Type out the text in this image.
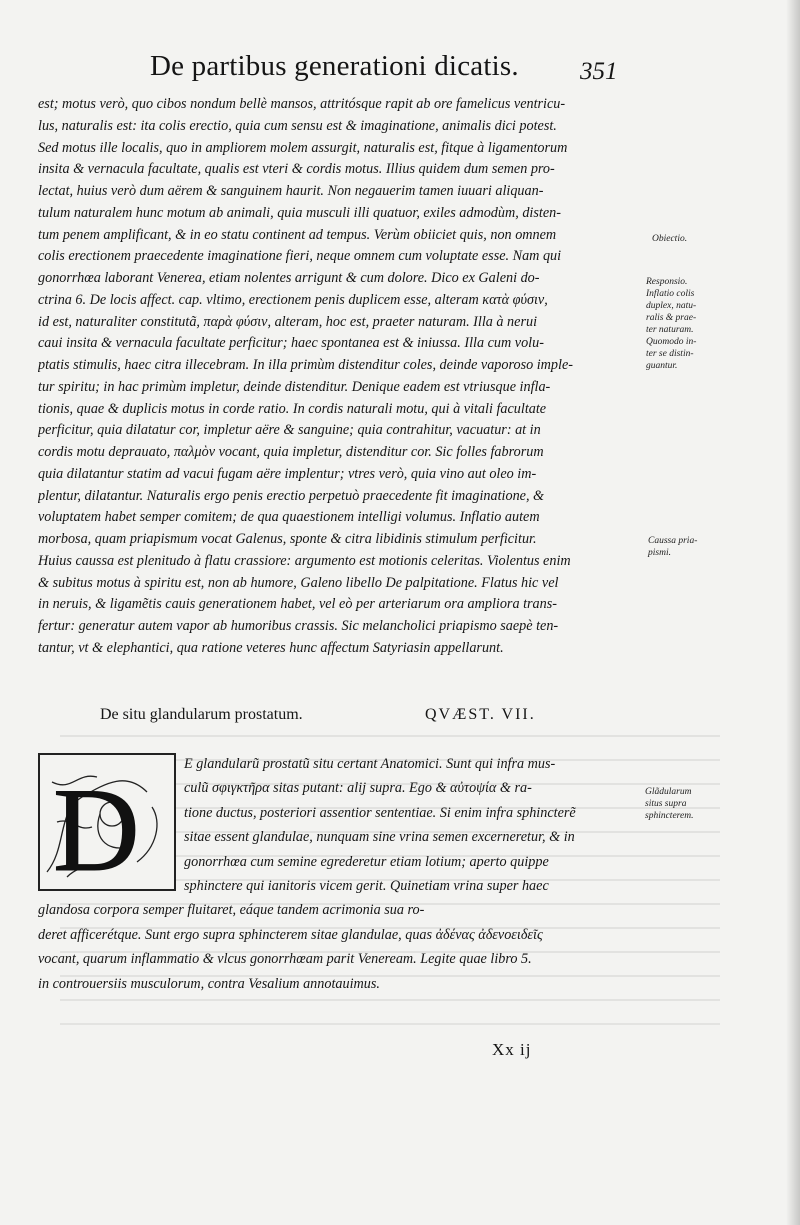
De partibus generationi dicatis. 351
est; motus verò, quo cibos nondum bellè mansos, attritósque rapit ab ore famelicus ventricu-
lus, naturalis est: ita colis erectio, quia cum sensu est & imaginatione, animalis dici potest.
Sed motus ille localis, quo in ampliorem molem assurgit, naturalis est, fitque à ligamentorum
insita & vernacula facultate, qualis est vteri & cordis motus. Illius quidem dum semen pro-
lectat, huius verò dum aërem & sanguinem haurit. Non negauerim tamen iuuari aliquan-
tulum naturalem hunc motum ab animali, quia musculi illi quatuor, exiles admodùm, disten-
tum penem amplificant, & in eo statu continent ad tempus. Verùm obiiciet quis, non omnem
colis erectionem praecedente imaginatione fieri, neque omnem cum voluptate esse. Nam qui
gonorrhœa laborant Venerea, etiam nolentes arrigunt & cum dolore. Dico ex Galeni do-
ctrina 6. De locis affect. cap. vltimo, erectionem penis duplicem esse, alteram κατὰ φύσιν,
id est, naturaliter constitutã, παρὰ φύσιν, alteram, hoc est, praeter naturam. Illa à nerui
caui insita & vernacula facultate perficitur; haec spontanea est & iniussa. Illa cum volu-
ptatis stimulis, haec citra illecebram. In illa primùm distenditur coles, deinde vaporoso imple-
tur spiritu; in hac primùm impletur, deinde distenditur. Denique eadem est vtriusque infla-
tionis, quae & duplicis motus in corde ratio. In cordis naturali motu, qui à vitali facultate
perficitur, quia dilatatur cor, impletur aëre & sanguine; quia contrahitur, vacuatur: at in
cordis motu deprauato, παλμὸν vocant, quia impletur, distenditur cor. Sic folles fabrorum
quia dilatantur statim ad vacui fugam aëre implentur; vtres verò, quia vino aut oleo im-
plentur, dilatantur. Naturalis ergo penis erectio perpetuò praecedente fit imaginatione, &
voluptatem habet semper comitem; de qua quaestionem intelligi volumus. Inflatio autem
morbosa, quam priapismum vocat Galenus, sponte & citra libidinis stimulum perficitur.
Huius caussa est plenitudo à flatu crassiore: argumento est motionis celeritas. Violentus enim
& subitus motus à spiritu est, non ab humore, Galeno libello De palpitatione. Flatus hic vel
in neruis, & ligamẽtis cauis generationem habet, vel eò per arteriarum ora ampliora trans-
fertur: generatur autem vapor ab humoribus crassis. Sic melancholici priapismo saepè ten-
tantur, vt & elephantici, qua ratione veteres hunc affectum Satyriasin appellarunt.
Obiectio.
Responsio.
Inflatio colis
duplex, natu-
ralis & prae-
ter naturam.
Quomodo in-
ter se distin-
guantur.
Caussa pria-
pismi.
Glãdularum
situs supra
sphincterem.
De situ glandularum prostatum.	QVÆST. VII.
E glandularũ prostatũ situ certant Anatomici. Sunt qui infra mus-
culũ σφιγκτῆρα sitas putant: alij supra. Ego & αὐτοψία & ra-
tione ductus, posteriori assentior sententiae. Si enim infra sphincterẽ
sitae essent glandulae, nunquam sine vrina semen excerneretur, & in
gonorrhœa cum semine egrederetur etiam lotium; aperto quippe
sphinctere qui ianitoris vicem gerit. Quinetiam vrina super haec
glandosa corpora semper fluitaret, eáque tandem acrimonia sua ro-
deret afficerétque. Sunt ergo supra sphincterem sitae glandulae, quas ἀδένας ἀδενοειδεῖς
vocant, quarum inflammatio & vlcus gonorrhœam parit Veneream. Legite quae libro 5.
in controuersiis musculorum, contra Vesalium annotauimus.
D
Xx ij
